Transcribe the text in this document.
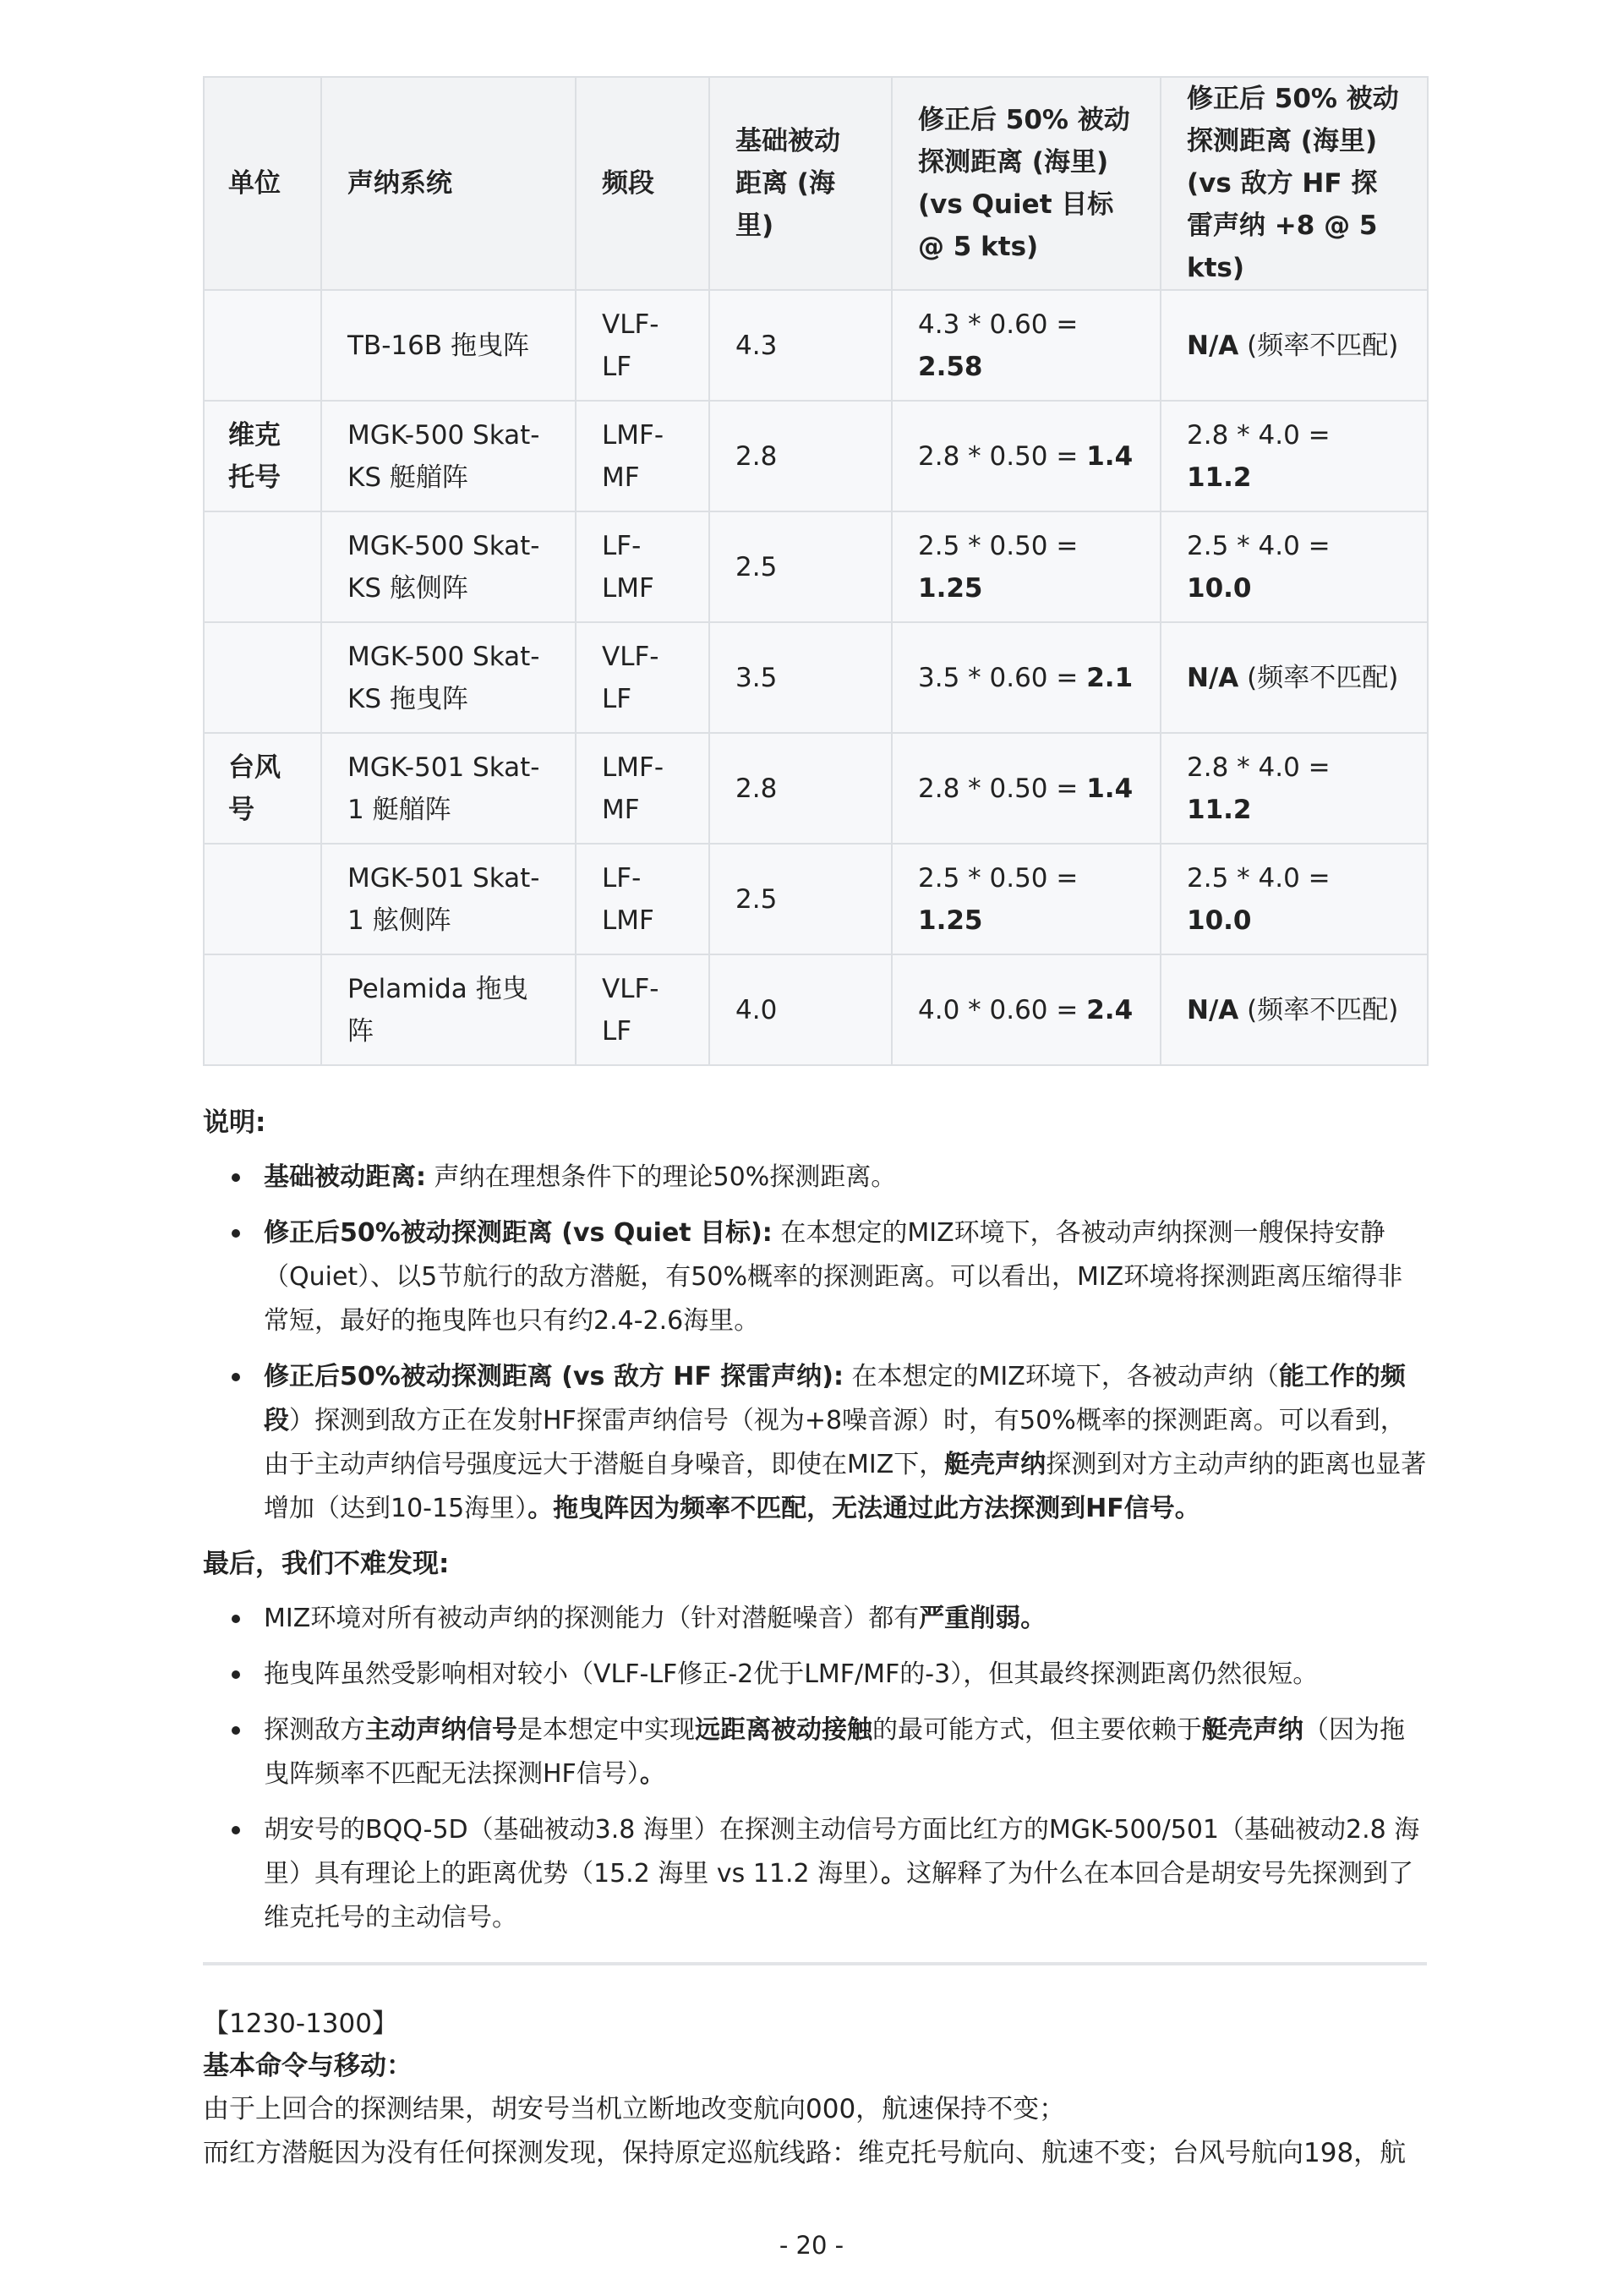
单位	声纳系统	频段	基础被动距离 (海里)	修正后 50% 被动探测距离 (海里) (vs Quiet 目标 @ 5 kts)	修正后 50% 被动探测距离 (海里) (vs 敌方 HF 探雷声纳 +8 @ 5 kts)
	TB-16B 拖曳阵	VLF-LF	4.3	4.3 * 0.60 = 2.58	N/A (频率不匹配)
维克托号	MGK-500 Skat-KS 艇艏阵	LMF-MF	2.8	2.8 * 0.50 = 1.4	2.8 * 4.0 = 11.2
	MGK-500 Skat-KS 舷侧阵	LF-LMF	2.5	2.5 * 0.50 = 1.25	2.5 * 4.0 = 10.0
	MGK-500 Skat-KS 拖曳阵	VLF-LF	3.5	3.5 * 0.60 = 2.1	N/A (频率不匹配)
台风号	MGK-501 Skat-1 艇艏阵	LMF-MF	2.8	2.8 * 0.50 = 1.4	2.8 * 4.0 = 11.2
	MGK-501 Skat-1 舷侧阵	LF-LMF	2.5	2.5 * 0.50 = 1.25	2.5 * 4.0 = 10.0
	Pelamida 拖曳阵	VLF-LF	4.0	4.0 * 0.60 = 2.4	N/A (频率不匹配)
说明:
基础被动距离: 声纳在理想条件下的理论50%探测距离。
修正后50%被动探测距离 (vs Quiet 目标): 在本想定的MIZ环境下，各被动声纳探测一艘保持安静（Quiet）、以5节航行的敌方潜艇，有50%概率的探测距离。可以看出，MIZ环境将探测距离压缩得非常短，最好的拖曳阵也只有约2.4-2.6海里。
修正后50%被动探测距离 (vs 敌方 HF 探雷声纳): 在本想定的MIZ环境下，各被动声纳（能工作的频段）探测到敌方正在发射HF探雷声纳信号（视为+8噪音源）时，有50%概率的探测距离。可以看到，由于主动声纳信号强度远大于潜艇自身噪音，即使在MIZ下，艇壳声纳探测到对方主动声纳的距离也显著增加（达到10-15海里）。拖曳阵因为频率不匹配，无法通过此方法探测到HF信号。
最后，我们不难发现:
MIZ环境对所有被动声纳的探测能力（针对潜艇噪音）都有严重削弱。
拖曳阵虽然受影响相对较小（VLF-LF修正-2优于LMF/MF的-3），但其最终探测距离仍然很短。
探测敌方主动声纳信号是本想定中实现远距离被动接触的最可能方式，但主要依赖于艇壳声纳（因为拖曳阵频率不匹配无法探测HF信号）。
胡安号的BQQ-5D（基础被动3.8 海里）在探测主动信号方面比红方的MGK-500/501（基础被动2.8 海里）具有理论上的距离优势（15.2 海里 vs 11.2 海里）。这解释了为什么在本回合是胡安号先探测到了维克托号的主动信号。
【1230-1300】
基本命令与移动：
由于上回合的探测结果，胡安号当机立断地改变航向000，航速保持不变；
而红方潜艇因为没有任何探测发现，保持原定巡航线路：维克托号航向、航速不变；台风号航向198，航
- 20 -
